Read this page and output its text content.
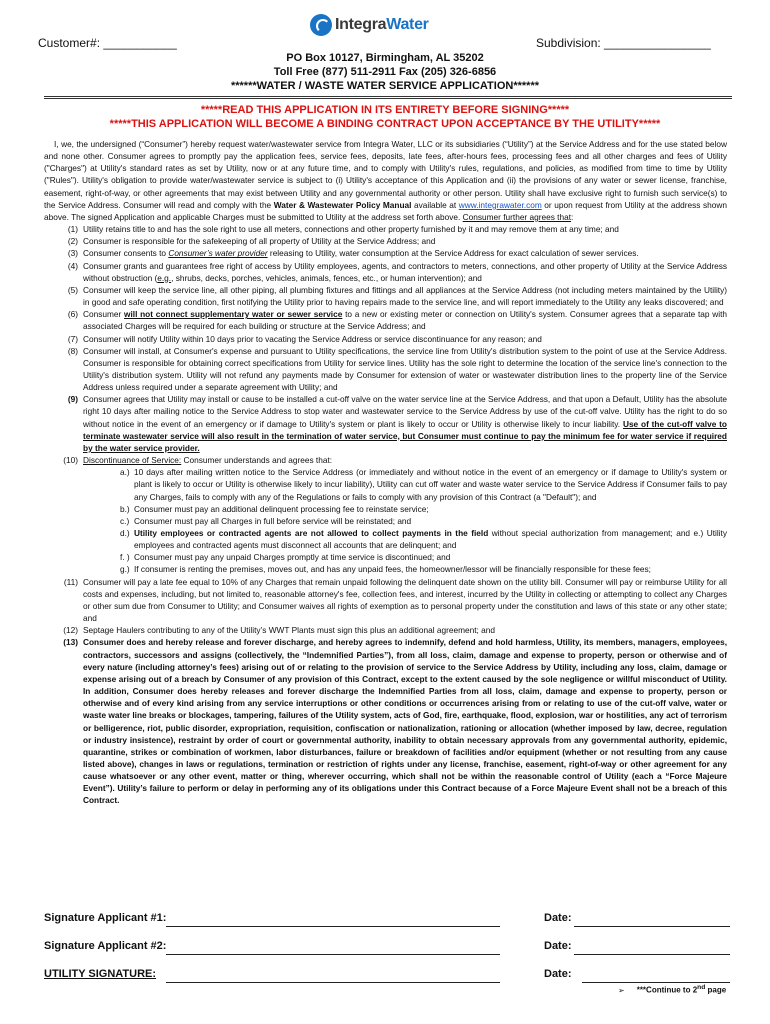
Customer#: ___________
IntegraWater
Subdivision: ________________
PO Box 10127, Birmingham, AL 35202
Toll Free (877) 511-2911 Fax (205) 326-6856
******WATER / WASTE WATER SERVICE APPLICATION******
*****READ THIS APPLICATION IN ITS ENTIRETY BEFORE SIGNING*****
*****THIS APPLICATION WILL BECOME A BINDING CONTRACT UPON ACCEPTANCE BY THE UTILITY*****

I, we, the undersigned (“Consumer”) hereby request water/wastewater service from Integra Water, LLC or its subsidiaries (“Utility”) at the Service Address and for the use stated below and none other. Consumer agrees to promptly pay the application fees, service fees, deposits, late fees, after-hours fees, processing fees and all other charges and fees of Utility ("Charges") at Utility's standard rates as set by Utility, now or at any future time, and to comply with Utility's rules, regulations, and policies, as modified from time to time by Utility ("Rules"). Utility's obligation to provide water/wastewater service is subject to (i) Utility's acceptance of this Application and (ii) the provisions of any water or sewer license, franchise, easement, right-of-way, or other agreements that may exist between Utility and any governmental authority or other person. Utility shall have exclusive right to furnish such service(s) to the Service Address. Consumer will read and comply with the Water & Wastewater Policy Manual available at www.integrawater.com or upon request from Utility at the address shown above. The signed Application and applicable Charges must be submitted to Utility at the address set forth above. Consumer further agrees that:

(1) Utility retains title to and has the sole right to use all meters, connections and other property furnished by it and may remove them at any time; and
(2) Consumer is responsible for the safekeeping of all property of Utility at the Service Address; and
(3) Consumer consents to Consumer’s water provider releasing to Utility, water consumption at the Service Address for exact calculation of sewer services.
(4) Consumer grants and guarantees free right of access by Utility employees, agents, and contractors to meters, connections, and other property of Utility at the Service Address without obstruction (e.g., shrubs, decks, porches, vehicles, animals, fences, etc., or human intervention); and
(5) Consumer will keep the service line, all other piping, all plumbing fixtures and fittings and all appliances at the Service Address (not including meters maintained by the Utility) in good and safe operating condition, first notifying the Utility prior to having repairs made to the service line, and will report immediately to the Utility any leaks discovered; and
(6) Consumer will not connect supplementary water or sewer service to a new or existing meter or connection on Utility's system. Consumer agrees that a separate tap with associated Charges will be required for each building or structure at the Service Address; and
(7) Consumer will notify Utility within 10 days prior to vacating the Service Address or service discontinuance for any reason; and
(8) Consumer will install, at Consumer's expense and pursuant to Utility specifications, the service line from Utility's distribution system to the point of use at the Service Address. Consumer is responsible for obtaining correct specifications from Utility for service lines. Utility has the sole right to determine the location of the service line's connection to the Utility's distribution system. Utility will not refund any payments made by Consumer for extension of water or wastewater distribution lines to the property line of the Service Address unless required under a separate agreement with Utility; and
(9) Consumer agrees that Utility may install or cause to be installed a cut-off valve on the water service line at the Service Address, and that upon a Default, Utility has the absolute right 10 days after mailing notice to the Service Address to stop water and wastewater service to the Service Address by use of the cut-off valve. Utility has the right to do so without notice in the event of an emergency or if damage to Utility's system or plant is likely to occur or Utility is otherwise likely to incur liability. Use of the cut-off valve to terminate wastewater service will also result in the termination of water service, but Consumer must continue to pay the minimum fee for water service if required by the water service provider.
(10) Discontinuance of Service: Consumer understands and agrees that:
a.) 10 days after mailing written notice to the Service Address (or immediately and without notice in the event of an emergency or if damage to Utility's system or plant is likely to occur or Utility is otherwise likely to incur liability), Utility can cut off water and waste water service to the Service Address if Consumer fails to pay any Charges, fails to comply with any of the Regulations or fails to comply with any provision of this Contract (a "Default"); and
b.) Consumer must pay an additional delinquent processing fee to reinstate service;
c.) Consumer must pay all Charges in full before service will be reinstated; and
d.) Utility employees or contracted agents are not allowed to collect payments in the field without special authorization from management; and e.) Utility employees and contracted agents must disconnect all accounts that are delinquent; and
f. ) Consumer must pay any unpaid Charges promptly at time service is discontinued; and
g.) If consumer is renting the premises, moves out, and has any unpaid fees, the homeowner/lessor will be financially responsible for these fees;
(11) Consumer will pay a late fee equal to 10% of any Charges that remain unpaid following the delinquent date shown on the utility bill. Consumer will pay or reimburse Utility for all costs and expenses, including, but not limited to, reasonable attorney's fee, collection fees, and interest, incurred by the Utility in collecting or attempting to collect any Charges or other sum due from Consumer to Utility; and Consumer waives all rights of exemption as to personal property under the constitution and laws of this state or any other state; and
(12) Septage Haulers contributing to any of the Utility’s WWT Plants must sign this plus an additional agreement; and
(13) Consumer does and hereby release and forever discharge, and hereby agrees to indemnify, defend and hold harmless, Utility, its members, managers, employees, contractors, successors and assigns (collectively, the “Indemnified Parties”), from all loss, claim, damage and expense to property, person or otherwise and of every nature (including attorney’s fees) arising out of or relating to the provision of service to the Service Address by Utility, including any loss, claim, damage or expense arising out of a breach by Consumer of any provision of this Contract, except to the extent caused by the sole negligence or willful misconduct of Utility. In addition, Consumer does hereby releases and forever discharge the Indemnified Parties from all loss, claim, damage and expense to property, person or otherwise and of every kind arising from any service interruptions or other conditions or occurrences arising from or relating to use of the cut-off valve, water or waste water line breaks or blockages, tampering, failures of the Utility system, acts of God, fire, earthquake, flood, explosion, war or hostilities, any act of terrorism or belligerence, riot, public disorder, expropriation, requisition, confiscation or nationalization, rationing or allocation (whether imposed by law, decree, regulation or industry insistence), restraint by order of court or governmental authority, inability to obtain necessary approvals from any governmental authority, epidemic, quarantine, strikes or combination of workmen, labor disturbances, failure or breakdown of facilities and/or equipment (whether or not resulting from any cause listed above), changes in laws or regulations, termination or restriction of rights under any license, franchise, easement, right-of-way or other agreement for any cause whatsoever or any other event, matter or thing, wherever occurring, which shall not be within the reasonable control of Utility (each a “Force Majeure Event”). Utility’s failure to perform or delay in performing any of its obligations under this Contract because of a Force Majeure Event shall not be a breach of this Contract.
Signature Applicant #1:	Date:
Signature Applicant #2:	Date:
UTILITY SIGNATURE:	Date:
➢ ***Continue to 2nd page
